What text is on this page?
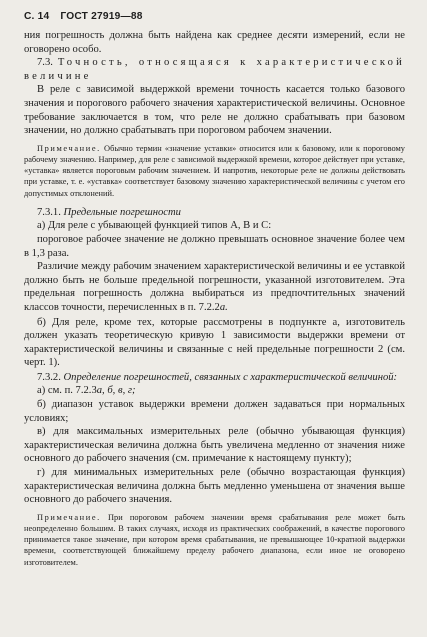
С. 14 ГОСТ 27919—88

ния погрешность должна быть найдена как среднее десяти измерений, если не оговорено особо.

7.3. Точность, относящаяся к характеристической величине

В реле с зависимой выдержкой времени точность касается только базового значения и порогового рабочего значения характеристической величины. Основное требование заключается в том, что реле не должно срабатывать при базовом значении, но должно срабатывать при пороговом рабочем значении.

Примечание. Обычно термин «значение уставки» относится или к базовому, или к пороговому рабочему значению. Например, для реле с зависимой выдержкой времени, которое действует при уставке, «уставка» является пороговым рабочим значением. И напротив, некоторые реле не должны действовать при уставке, т. е. «уставка» соответствует базовому значению характеристической величины с учетом его допустимых отклонений.

7.3.1. Предельные погрешности

а) Для реле с убывающей функцией типов А, В и С:

пороговое рабочее значение не должно превышать основное значение более чем в 1,3 раза.

Различие между рабочим значением характеристической величины и ее уставкой должно быть не больше предельной погрешности, указанной изготовителем. Эта предельная погрешность должна выбираться из предпочтительных значений классов точности, перечисленных в п. 7.2.2а.

б) Для реле, кроме тех, которые рассмотрены в подпункте а, изготовитель должен указать теоретическую кривую 1 зависимости выдержки времени от характеристической величины и связанные с ней предельные погрешности 2 (см. черт. 1).

7.3.2. Определение погрешностей, связанных с характеристической величиной:

а) см. п. 7.2.3а, б, в, г;

б) диапазон уставок выдержки времени должен задаваться при нормальных условиях;

в) для максимальных измерительных реле (обычно убывающая функция) характеристическая величина должна быть увеличена медленно от значения ниже основного до рабочего значения (см. примечание к настоящему пункту);

г) для минимальных измерительных реле (обычно возрастающая функция) характеристическая величина должна быть медленно уменьшена от значения выше основного до рабочего значения.

Примечание. При пороговом рабочем значении время срабатывания реле может быть неопределенно большим. В таких случаях, исходя из практических соображений, в качестве порогового принимается такое значение, при котором время срабатывания, не превышающее 10-кратной выдержки времени, соответствующей ближайшему пределу рабочего диапазона, если иное не оговорено изготовителем.
